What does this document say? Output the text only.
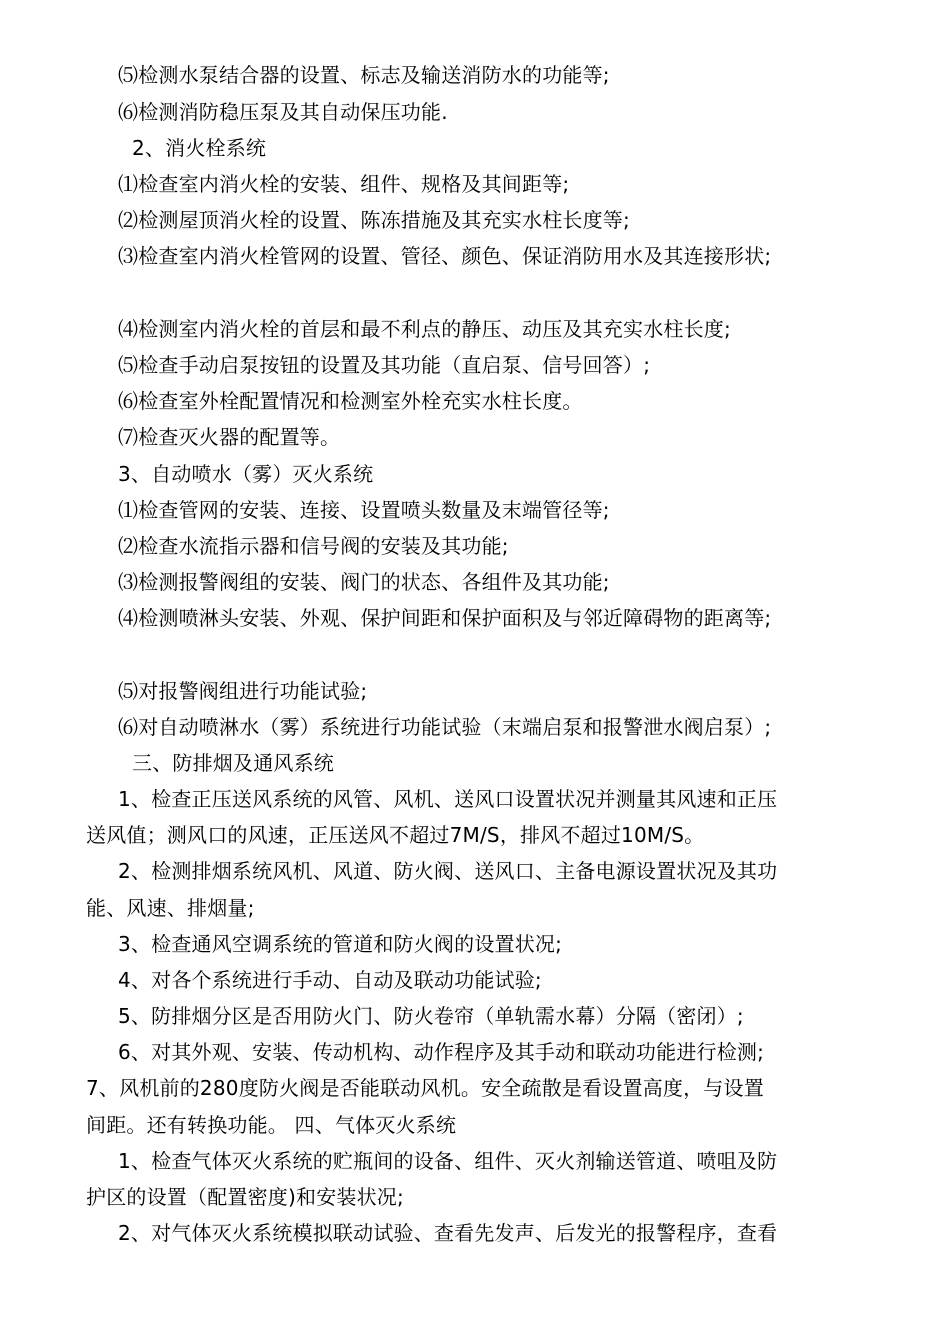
⑸检测水泵结合器的设置、标志及输送消防水的功能等;
⑹检测消防稳压泵及其自动保压功能.
2、消火栓系统
⑴检查室内消火栓的安装、组件、规格及其间距等;
⑵检测屋顶消火栓的设置、陈冻措施及其充实水柱长度等;
⑶检查室内消火栓管网的设置、管径、颜色、保证消防用水及其连接形状;
⑷检测室内消火栓的首层和最不利点的静压、动压及其充实水柱长度;
⑸检查手动启泵按钮的设置及其功能（直启泵、信号回答）;
⑹检查室外栓配置情况和检测室外栓充实水柱长度。
⑺检查灭火器的配置等。
3、自动喷水（雾）灭火系统
⑴检查管网的安装、连接、设置喷头数量及末端管径等;
⑵检查水流指示器和信号阀的安装及其功能;
⑶检测报警阀组的安装、阀门的状态、各组件及其功能;
⑷检测喷淋头安装、外观、保护间距和保护面积及与邻近障碍物的距离等;
⑸对报警阀组进行功能试验;
⑹对自动喷淋水（雾）系统进行功能试验（末端启泵和报警泄水阀启泵）;
三、防排烟及通风系统
1、检查正压送风系统的风管、风机、送风口设置状况并测量其风速和正压
送风值；测风口的风速，正压送风不超过7M/S，排风不超过10M/S。
2、检测排烟系统风机、风道、防火阀、送风口、主备电源设置状况及其功
能、风速、排烟量;
3、检查通风空调系统的管道和防火阀的设置状况;
4、对各个系统进行手动、自动及联动功能试验;
5、防排烟分区是否用防火门、防火卷帘（单轨需水幕）分隔（密闭）;
6、对其外观、安装、传动机构、动作程序及其手动和联动功能进行检测;
7、风机前的280度防火阀是否能联动风机。安全疏散是看设置高度，与设置
间距。还有转换功能。 四、气体灭火系统
1、检查气体灭火系统的贮瓶间的设备、组件、灭火剂输送管道、喷咀及防
护区的设置（配置密度)和安装状况;
2、对气体灭火系统模拟联动试验、查看先发声、后发光的报警程序，查看
